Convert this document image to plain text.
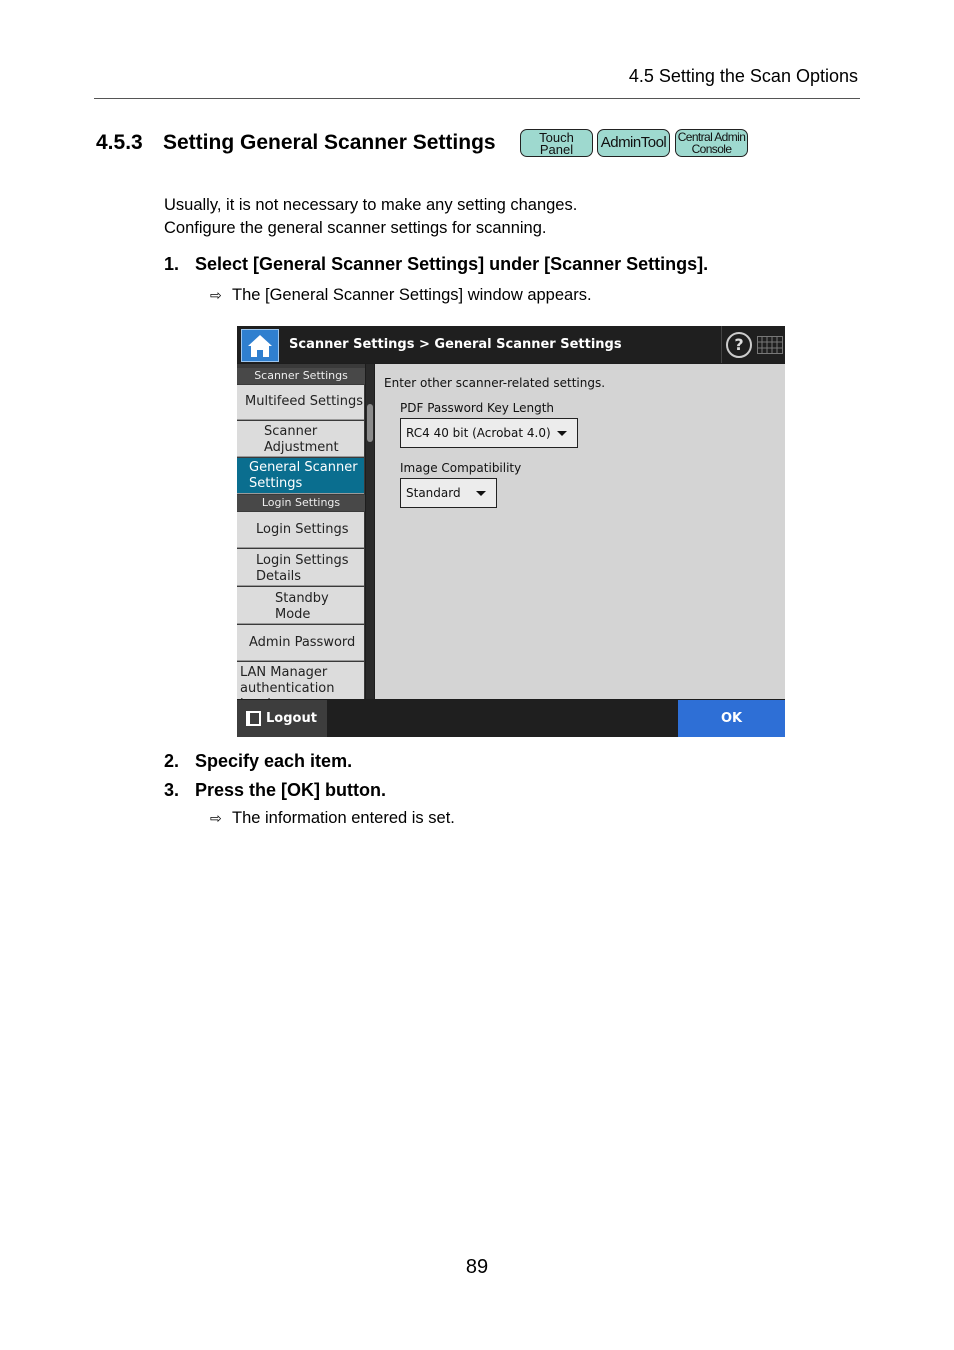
4.5 Setting the Scan Options
4.5.3 Setting General Scanner Settings	Touch
Panel	AdminTool Central Admin
Console
Usually, it is not necessary to make any setting changes.
Configure the general scanner settings for scanning.
1. Select [General Scanner Settings] under [Scanner Settings].
⇨ The [General Scanner Settings] window appears.
Scanner Settings > General Scanner Settings	?
Scanner Settings
Multifeed Settings
Scanner
Adjustment
General Scanner
Settings
Login Settings
Login Settings
Login Settings
Details
Standby
Mode
Admin Password
LAN Manager
authentication
Enter other scanner-related settings.
PDF Password Key Length
RC4 40 bit (Acrobat 4.0)
Image Compatibility
Standard
Logout	OK
2. Specify each item.
3. Press the [OK] button.
⇨ The information entered is set.
89
